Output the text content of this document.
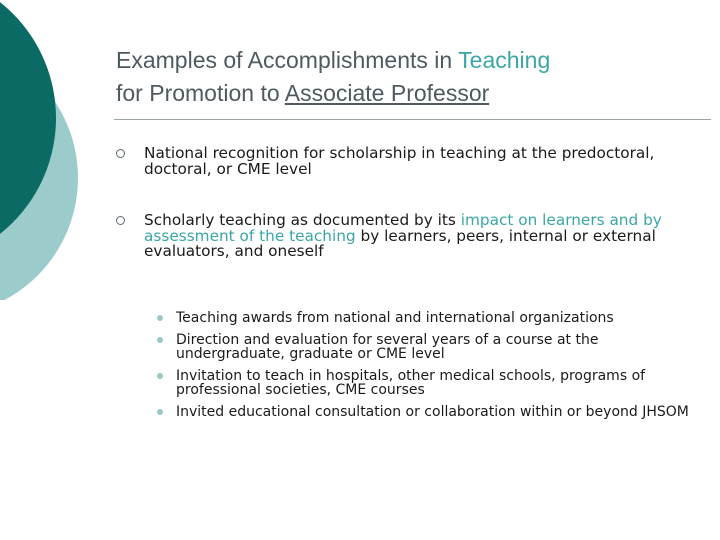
Examples of Accomplishments in Teaching
for Promotion to Associate Professor
National recognition for scholarship in teaching at the predoctoral, doctoral, or CME level
Scholarly teaching as documented by its impact on learners and by assessment of the teaching by learners, peers, internal or external evaluators, and oneself
Teaching awards from national and international organizations
Direction and evaluation for several years of a course at the undergraduate, graduate or CME level
Invitation to teach in hospitals, other medical schools, programs of professional societies, CME courses
Invited educational consultation or collaboration within or beyond JHSOM
